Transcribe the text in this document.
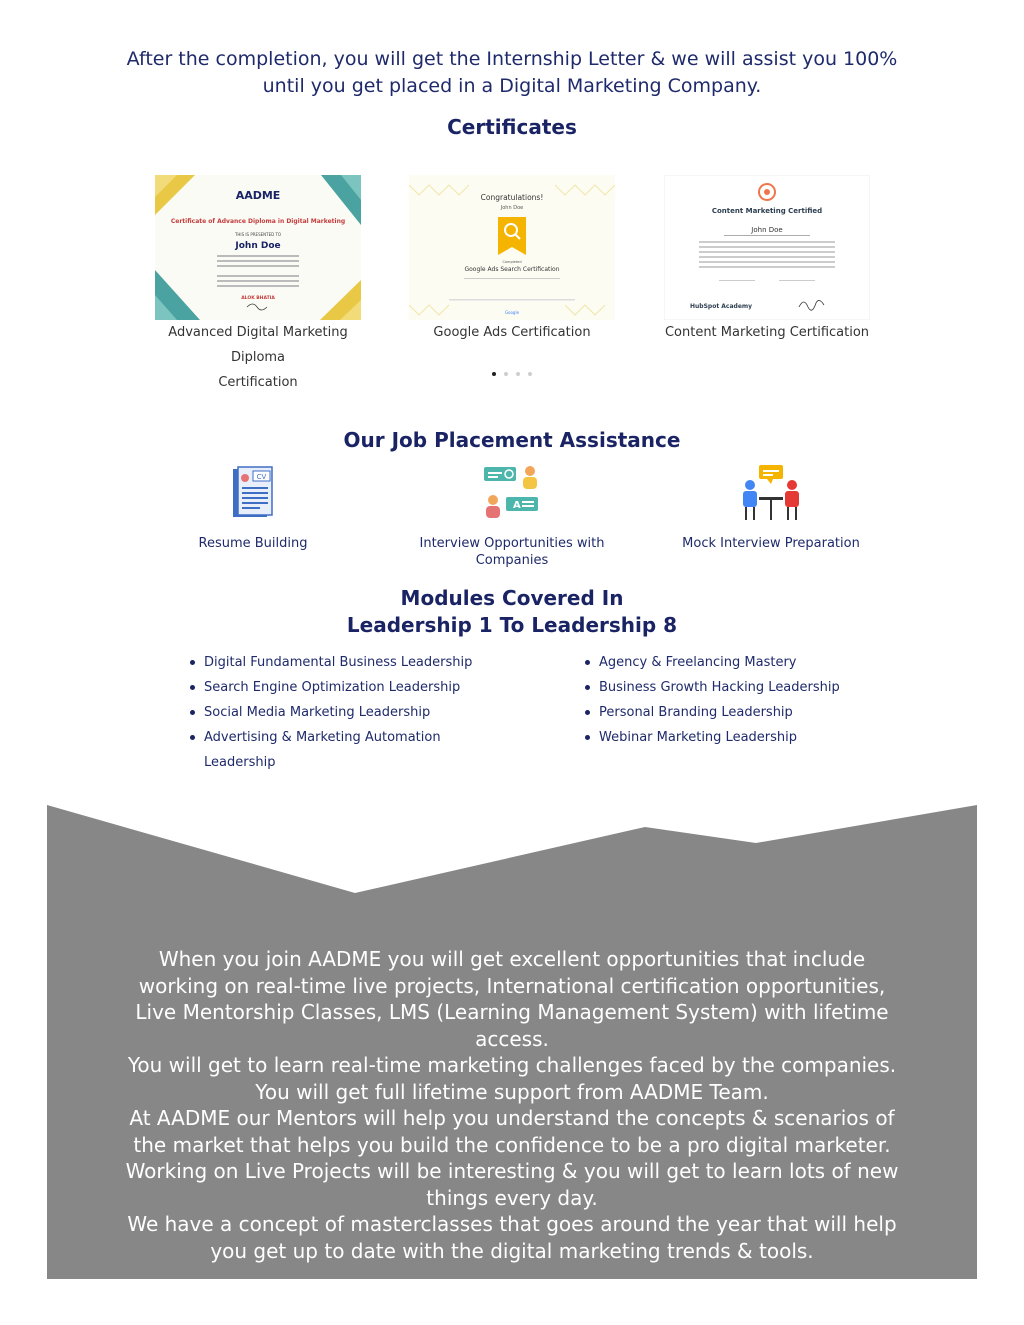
After the completion, you will get the Internship Letter & we will assist you 100%
until you get placed in a Digital Marketing Company.
Certificates
AADME
Certificate of Advance Diploma in Digital Marketing
THIS IS PRESENTED TO
John Doe
ALOK BHATIA
Advanced Digital Marketing Diploma
Certification
Congratulations!
John Doe
Completed
Google Ads Search Certification
Google
Google Ads Certification
Content Marketing Certified
John Doe
HubSpot Academy
Content Marketing Certification
Our Job Placement Assistance
CV
A
Resume Building	Interview Opportunities with
Companies
Mock Interview Preparation
Modules Covered In
Leadership 1 To Leadership 8
Digital Fundamental Business Leadership
Search Engine Optimization Leadership
Social Media Marketing Leadership
Advertising & Marketing Automation Leadership
Agency & Freelancing Mastery
Business Growth Hacking Leadership
Personal Branding Leadership
Webinar Marketing Leadership

When you join AADME you will get excellent opportunities that include working on real-time live projects, International certification opportunities, Live Mentorship Classes, LMS (Learning Management System) with lifetime access.

You will get to learn real-time marketing challenges faced by the companies.

You will get full lifetime support from AADME Team.

At AADME our Mentors will help you understand the concepts & scenarios of the market that helps you build the confidence to be a pro digital marketer.

Working on Live Projects will be interesting & you will get to learn lots of new things every day.

We have a concept of masterclasses that goes around the year that will help you get up to date with the digital marketing trends & tools.
